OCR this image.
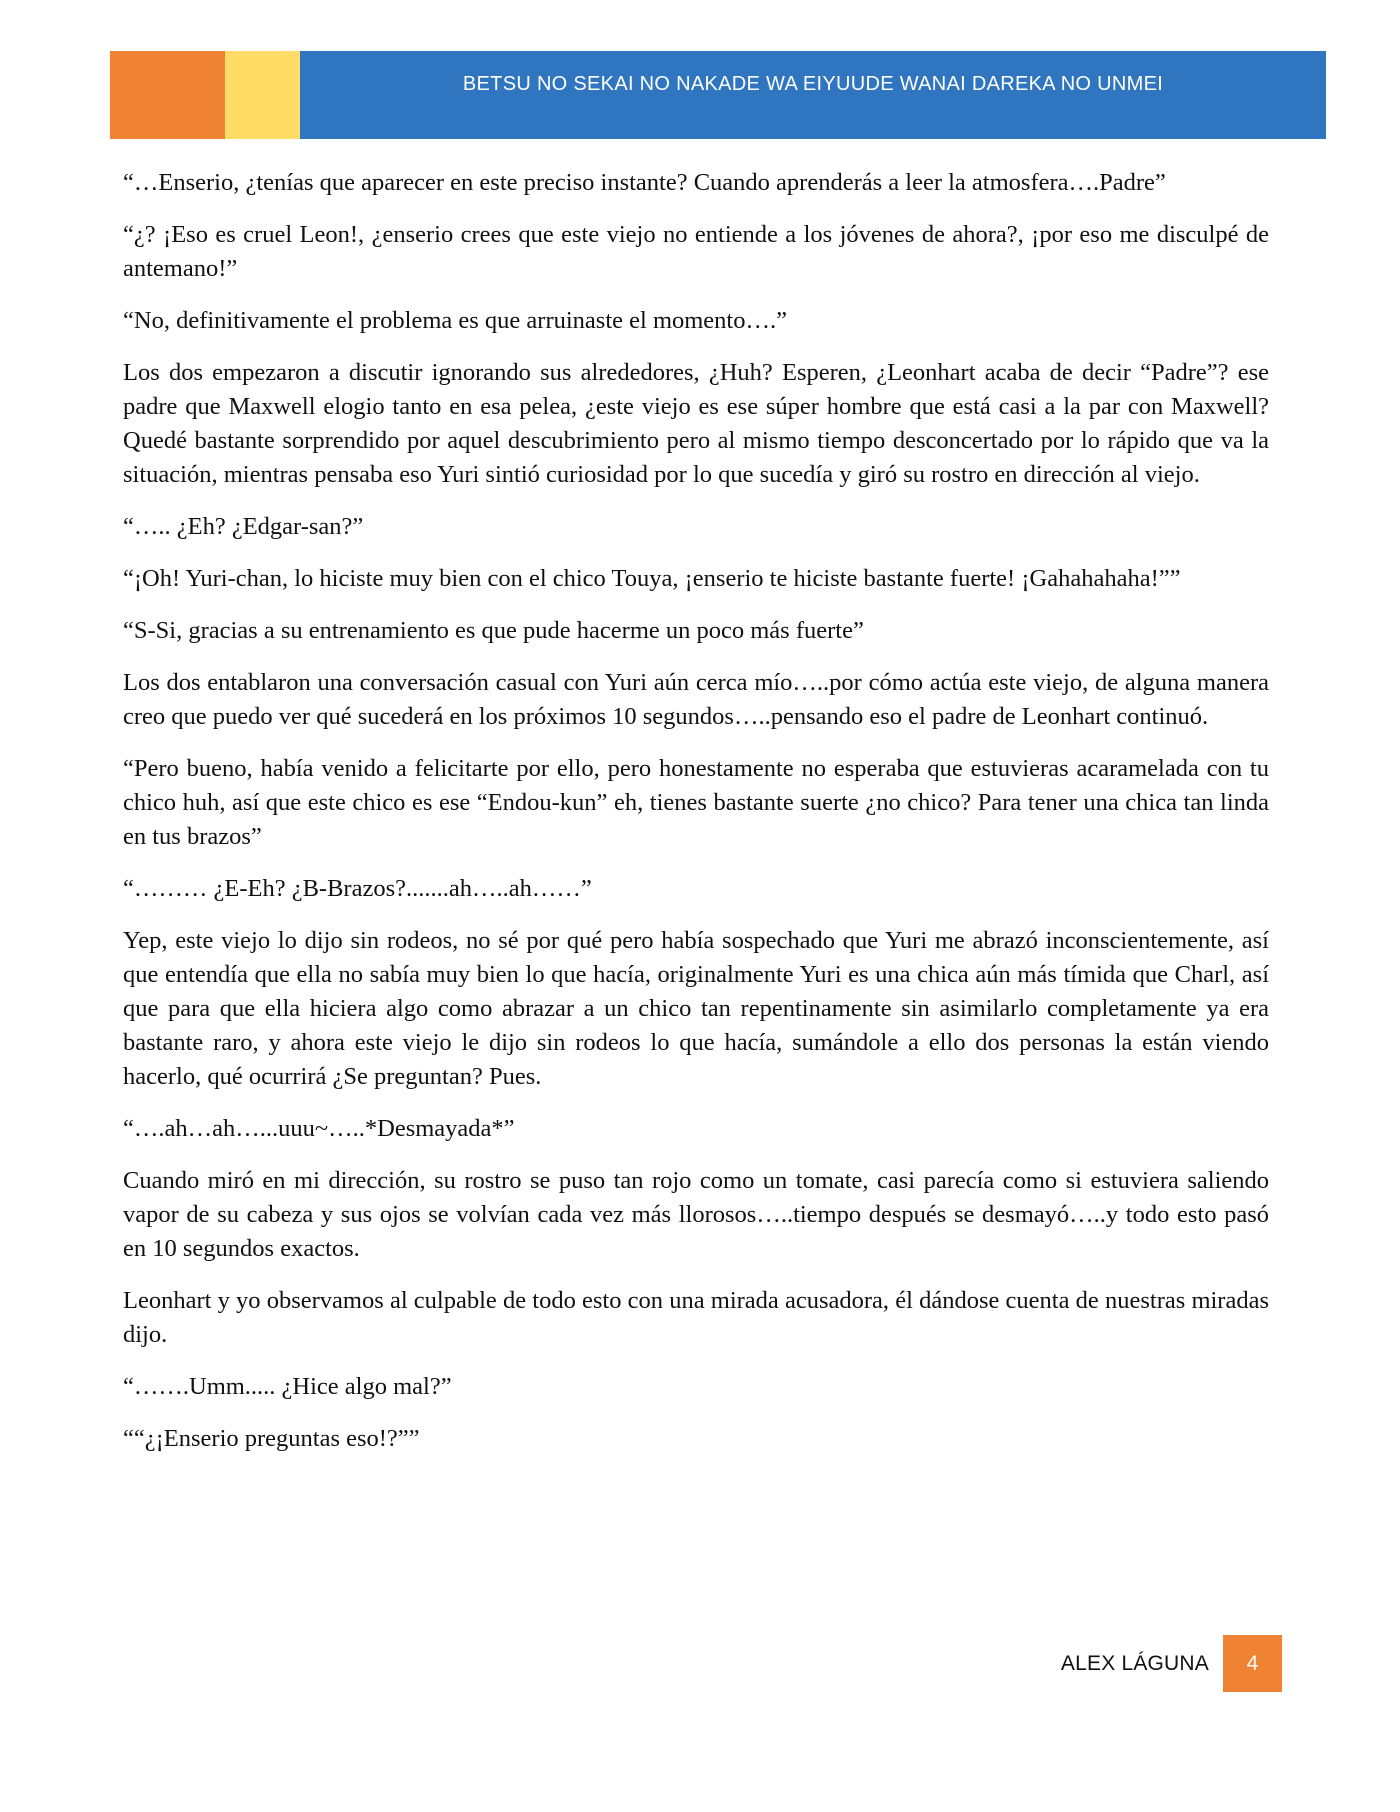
BETSU NO SEKAI NO NAKADE WA EIYUUDE WANAI DAREKA NO UNMEI

“…Enserio, ¿tenías que aparecer en este preciso instante? Cuando aprenderás a leer la atmosfera….Padre”

“¿? ¡Eso es cruel Leon!, ¿enserio crees que este viejo no entiende a los jóvenes de ahora?, ¡por eso me disculpé de antemano!”

“No, definitivamente el problema es que arruinaste el momento….”

Los dos empezaron a discutir ignorando sus alrededores, ¿Huh? Esperen, ¿Leonhart acaba de decir “Padre”? ese padre que Maxwell elogio tanto en esa pelea, ¿este viejo es ese súper hombre que está casi a la par con Maxwell? Quedé bastante sorprendido por aquel descubrimiento pero al mismo tiempo desconcertado por lo rápido que va la situación, mientras pensaba eso Yuri sintió curiosidad por lo que sucedía y giró su rostro en dirección al viejo.

“….. ¿Eh? ¿Edgar-san?”

“¡Oh! Yuri-chan, lo hiciste muy bien con el chico Touya, ¡enserio te hiciste bastante fuerte! ¡Gahahahaha!””

“S-Si, gracias a su entrenamiento es que pude hacerme un poco más fuerte”

Los dos entablaron una conversación casual con Yuri aún cerca mío…..por cómo actúa este viejo, de alguna manera creo que puedo ver qué sucederá en los próximos 10 segundos…..pensando eso el padre de Leonhart continuó.

“Pero bueno, había venido a felicitarte por ello, pero honestamente no esperaba que estuvieras acaramelada con tu chico huh, así que este chico es ese “Endou-kun” eh, tienes bastante suerte ¿no chico? Para tener una chica tan linda en tus brazos”

“……… ¿E-Eh? ¿B-Brazos?.......ah…..ah……”

Yep, este viejo lo dijo sin rodeos, no sé por qué pero había sospechado que Yuri me abrazó inconscientemente, así que entendía que ella no sabía muy bien lo que hacía, originalmente Yuri es una chica aún más tímida que Charl, así que para que ella hiciera algo como abrazar a un chico tan repentinamente sin asimilarlo completamente ya era bastante raro, y ahora este viejo le dijo sin rodeos lo que hacía, sumándole a ello dos personas la están viendo hacerlo, qué ocurrirá ¿Se preguntan? Pues.

“….ah…ah…...uuu~…..*Desmayada*”

Cuando miró en mi dirección, su rostro se puso tan rojo como un tomate, casi parecía como si estuviera saliendo vapor de su cabeza y sus ojos se volvían cada vez más llorosos…..tiempo después se desmayó…..y todo esto pasó en 10 segundos exactos.

Leonhart y yo observamos al culpable de todo esto con una mirada acusadora, él dándose cuenta de nuestras miradas dijo.

“…….Umm..... ¿Hice algo mal?”

““¿¡Enserio preguntas eso!?””

ALEX LÁGUNA	4
